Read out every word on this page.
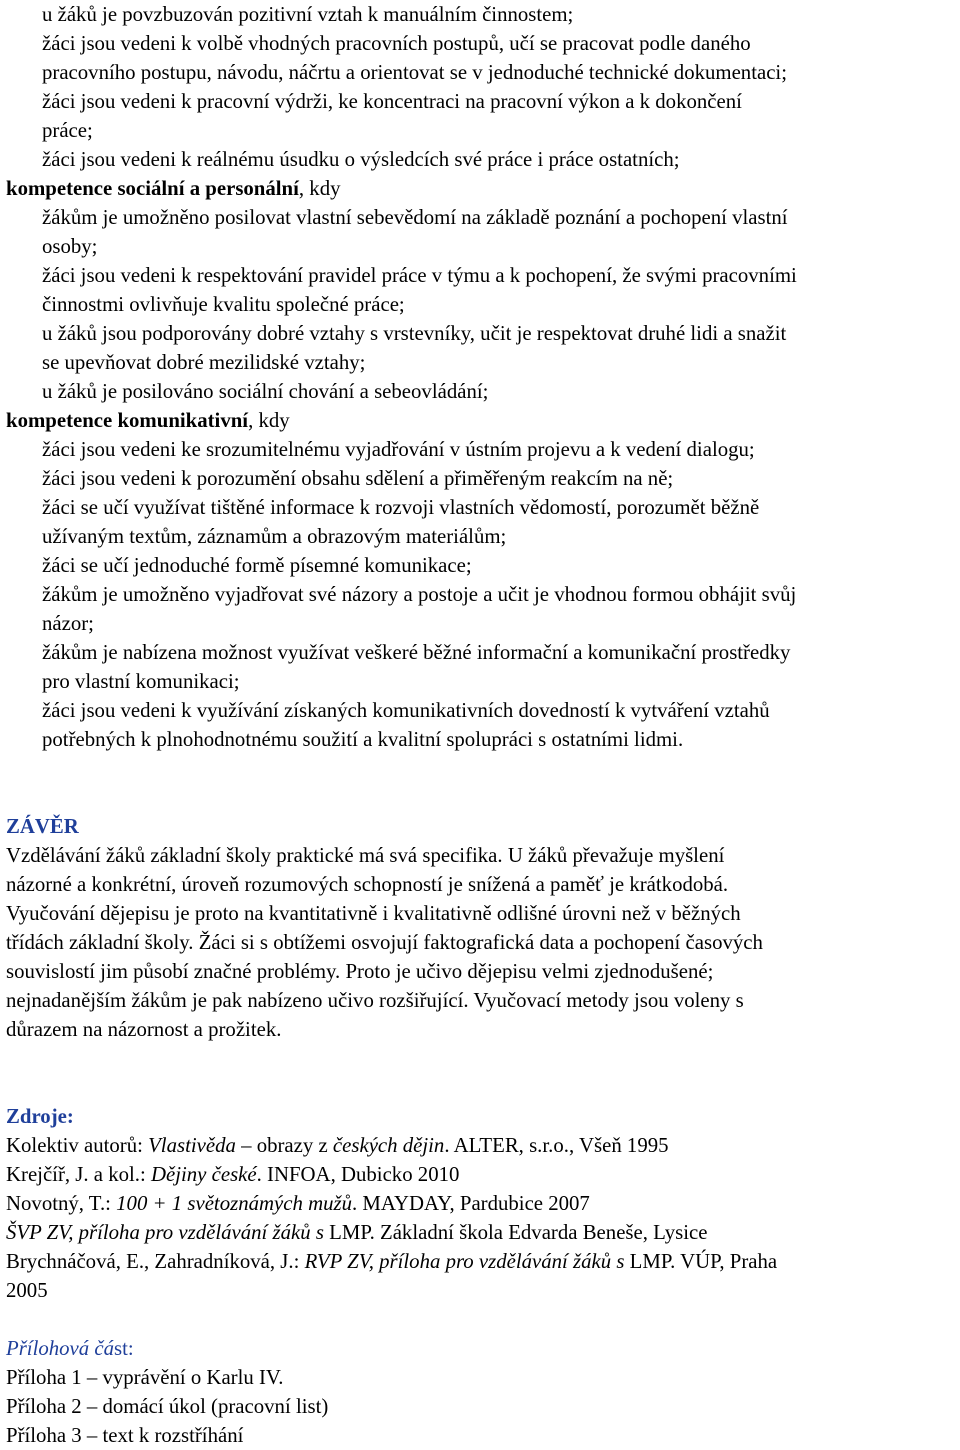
u žáků je povzbuzován pozitivní vztah k manuálním činnostem;
žáci jsou vedeni k volbě vhodných pracovních postupů, učí se pracovat podle daného
pracovního postupu, návodu, náčrtu a orientovat se v jednoduché technické dokumentaci;
žáci jsou vedeni k pracovní výdrži, ke koncentraci na pracovní výkon a k dokončení
práce;
žáci jsou vedeni k reálnému úsudku o výsledcích své práce i práce ostatních;
kompetence sociální a personální, kdy
žákům je umožněno posilovat vlastní sebevědomí na základě poznání a pochopení vlastní
osoby;
žáci jsou vedeni k respektování pravidel práce v týmu a k pochopení, že svými pracovními
činnostmi ovlivňuje kvalitu společné práce;
u žáků jsou podporovány dobré vztahy s vrstevníky, učit je respektovat druhé lidi a snažit
se upevňovat dobré mezilidské vztahy;
u žáků je posilováno sociální chování a sebeovládání;
kompetence komunikativní, kdy
žáci jsou vedeni ke srozumitelnému vyjadřování v ústním projevu a k vedení dialogu;
žáci jsou vedeni k porozumění obsahu sdělení a přiměřeným reakcím na ně;
žáci se učí využívat tištěné informace k rozvoji vlastních vědomostí, porozumět běžně
užívaným textům, záznamům a obrazovým materiálům;
žáci se učí jednoduché formě písemné komunikace;
žákům je umožněno vyjadřovat své názory a postoje a učit je vhodnou formou obhájit svůj
názor;
žákům je nabízena možnost využívat veškeré běžné informační a komunikační prostředky
pro vlastní komunikaci;
žáci jsou vedeni k využívání získaných komunikativních dovedností k vytváření vztahů
potřebných k plnohodnotnému soužití a kvalitní spolupráci s ostatními lidmi.
ZÁVĚR
Vzdělávání žáků základní školy praktické má svá specifika. U žáků převažuje myšlení
názorné a konkrétní, úroveň rozumových schopností je snížená a paměť je krátkodobá.
Vyučování dějepisu je proto na kvantitativně i kvalitativně odlišné úrovni než v běžných
třídách základní školy. Žáci si s obtížemi osvojují faktografická data a pochopení časových
souvislostí jim působí značné problémy. Proto je učivo dějepisu velmi zjednodušené;
nejnadanějším žákům je pak nabízeno učivo rozšiřující. Vyučovací metody jsou voleny s
důrazem na názornost a prožitek.
Zdroje:
Kolektiv autorů: Vlastivěda – obrazy z českých dějin. ALTER, s.r.o., Všeň 1995
Krejčíř, J. a kol.: Dějiny české. INFOA, Dubicko 2010
Novotný, T.: 100 + 1 světoznámých mužů. MAYDAY, Pardubice 2007
ŠVP ZV, příloha pro vzdělávání žáků s LMP. Základní škola Edvarda Beneše, Lysice
Brychnáčová, E., Zahradníková, J.: RVP ZV, příloha pro vzdělávání žáků s LMP. VÚP, Praha
2005
Přílohová část:
Příloha 1 – vyprávění o Karlu IV.
Příloha 2 – domácí úkol (pracovní list)
Příloha 3 – text k rozstříhání
